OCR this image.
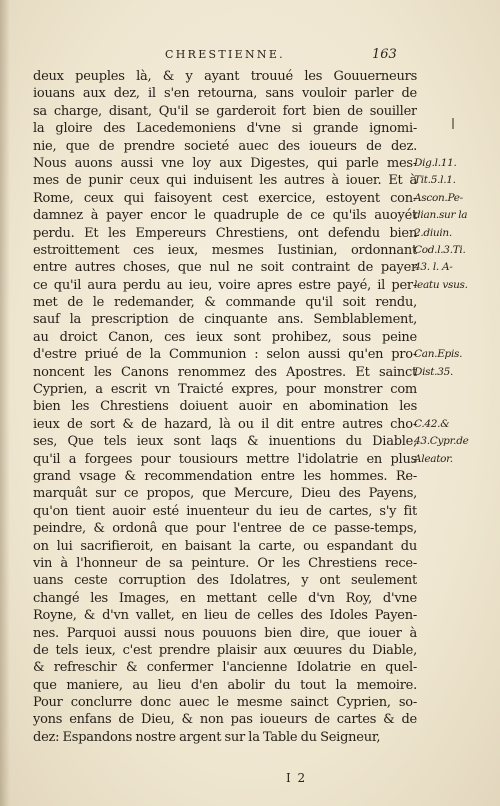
CHRESTIENNE.	163
deux peuples là, & y ayant trouué les Gouuerneurs
iouans aux dez, il s'en retourna, sans vouloir parler de
sa charge, disant, Qu'il se garderoit fort bien de souiller
la gloire des Lacedemoniens d'vne si grande ignomi-
nie, que de prendre societé auec des ioueurs de dez.
Nous auons aussi vne loy aux Digestes, qui parle mes-
mes de punir ceux qui induisent les autres à iouer. Et à
Rome, ceux qui faisoyent cest exercice, estoyent con-
damnez à payer encor le quadruple de ce qu'ils auoyét
perdu. Et les Empereurs Chrestiens, ont defendu bien
estroittement ces ieux, mesmes Iustinian, ordonnant
entre autres choses, que nul ne soit contraint de payer
ce qu'il aura perdu au ieu, voire apres estre payé, il per-
met de le redemander, & commande qu'il soit rendu,
sauf la prescription de cinquante ans. Semblablement,
au droict Canon, ces ieux sont prohibez, sous peine
d'estre priué de la Communion : selon aussi qu'en pro-
noncent les Canons renommez des Apostres. Et sainct
Cyprien, a escrit vn Traicté expres, pour monstrer com
bien les Chrestiens doiuent auoir en abomination les
ieux de sort & de hazard, là ou il dit entre autres cho-
ses, Que tels ieux sont laqs & inuentions du Diable,
qu'il a forgees pour tousiours mettre l'idolatrie en plus
grand vsage & recommendation entre les hommes. Re-
marquât sur ce propos, que Mercure, Dieu des Payens,
qu'on tient auoir esté inuenteur du ieu de cartes, s'y fit
peindre, & ordonâ que pour l'entree de ce passe-temps,
on lui sacrifieroit, en baisant la carte, ou espandant du
vin à l'honneur de sa peinture. Or les Chrestiens rece-
uans ceste corruption des Idolatres, y ont seulement
changé les Images, en mettant celle d'vn Roy, d'vne
Royne, & d'vn vallet, en lieu de celles des Idoles Payen-
nes. Parquoi aussi nous pouuons bien dire, que iouer à
de tels ieux, c'est prendre plaisir aux œuures du Diable,
& refreschir & confermer l'ancienne Idolatrie en quel-
que maniere, au lieu d'en abolir du tout la memoire.
Pour conclurre donc auec le mesme sainct Cyprien, so-
yons enfans de Dieu, & non pas ioueurs de cartes & de
dez: Espandons nostre argent sur la Table du Seigneur,
Dig.l.11.
Tit.5.l.1.
Ascon.Pe-
dian.sur la
2.diuin.
Cod.l.3.Ti.
43. l. A-
leatu vsus.
Can.Epis.
Dist.35.
C.42.&
43.Cypr.de
Aleator.
I 2
